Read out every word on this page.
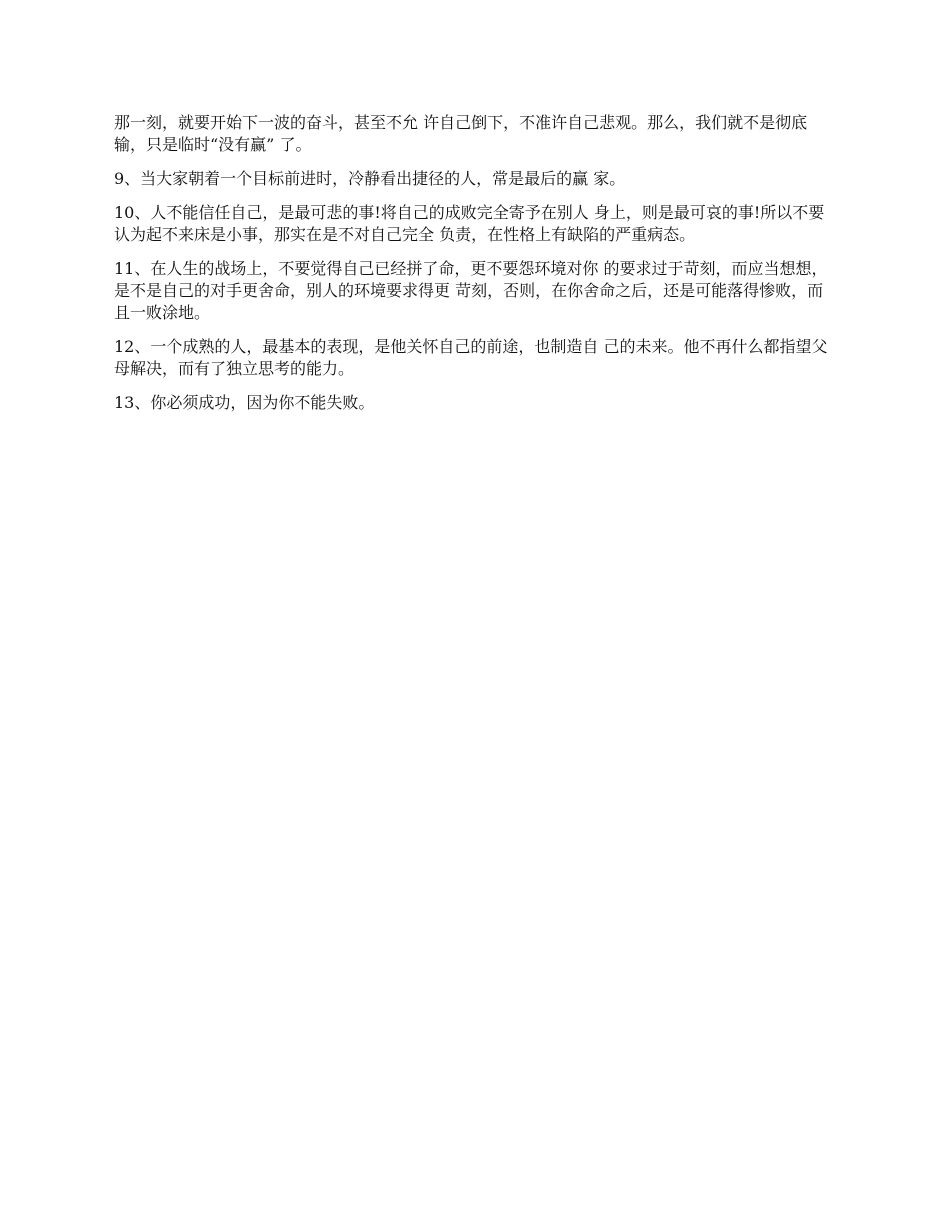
那一刻，就要开始下一波的奋斗，甚至不允 许自己倒下，不准许自己悲观。那么，我们就不是彻底输，只是临时“没有赢” 了。

9、当大家朝着一个目标前进时，冷静看出捷径的人，常是最后的赢 家。

10、人不能信任自己，是最可悲的事!将自己的成败完全寄予在别人 身上，则是最可哀的事!所以不要认为起不来床是小事，那实在是不对自己完全 负责，在性格上有缺陷的严重病态。

11、在人生的战场上，不要觉得自己已经拼了命，更不要怨环境对你 的要求过于苛刻，而应当想想，是不是自己的对手更舍命，别人的环境要求得更 苛刻，否则，在你舍命之后，还是可能落得惨败，而且一败涂地。

12、一个成熟的人，最基本的表现，是他关怀自己的前途，也制造自 己的未来。他不再什么都指望父母解决，而有了独立思考的能力。

13、你必须成功，因为你不能失败。
